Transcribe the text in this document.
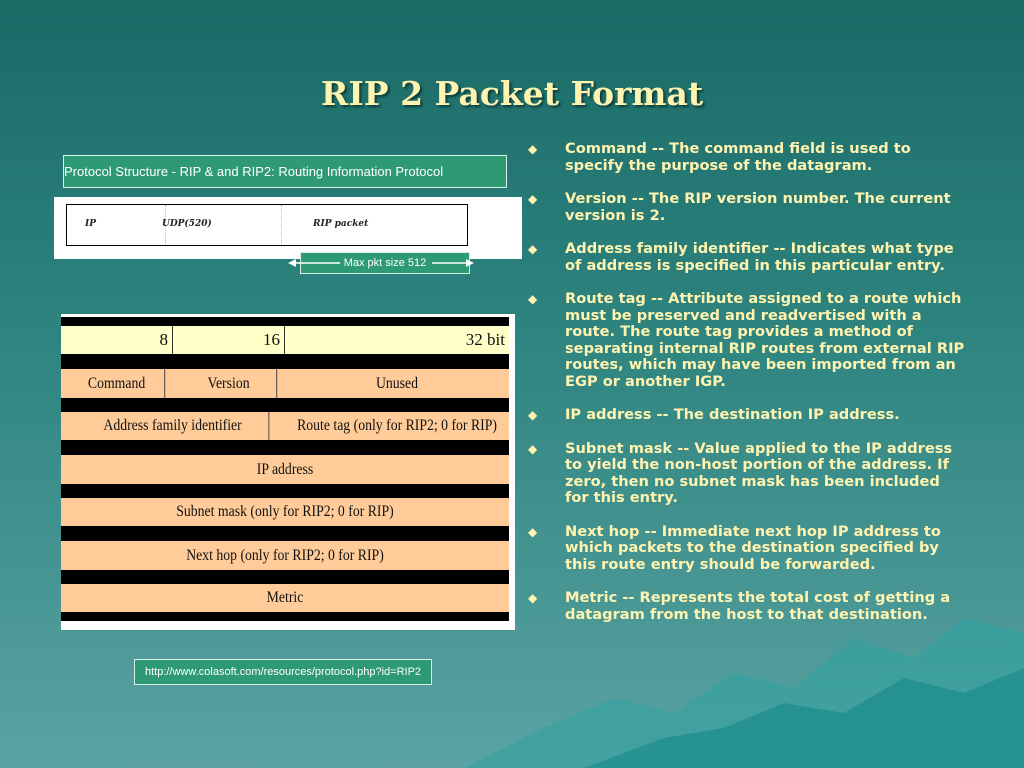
RIP 2 Packet Format
Protocol Structure - RIP & and RIP2: Routing Information Protocol
IP	UDP(520)	RIP packet
Max pkt size 512
8	16	32 bit
Command	Version	Unused
Address family identifier	Route tag (only for RIP2; 0 for RIP)
IP address
Subnet mask (only for RIP2; 0 for RIP)
Next hop (only for RIP2; 0 for RIP)
Metric
http://www.colasoft.com/resources/protocol.php?id=RIP2
◆ Command -- The command field is used to specify the purpose of the datagram.
◆ Version -- The RIP version number. The current version is 2.
◆ Address family identifier -- Indicates what type of address is specified in this particular entry.
◆ Route tag -- Attribute assigned to a route which must be preserved and readvertised with a route. The route tag provides a method of separating internal RIP routes from external RIP routes, which may have been imported from an EGP or another IGP.
◆ IP address -- The destination IP address.
◆ Subnet mask -- Value applied to the IP address to yield the non-host portion of the address. If zero, then no subnet mask has been included for this entry.
◆ Next hop -- Immediate next hop IP address to which packets to the destination specified by this route entry should be forwarded.
◆ Metric -- Represents the total cost of getting a datagram from the host to that destination.
